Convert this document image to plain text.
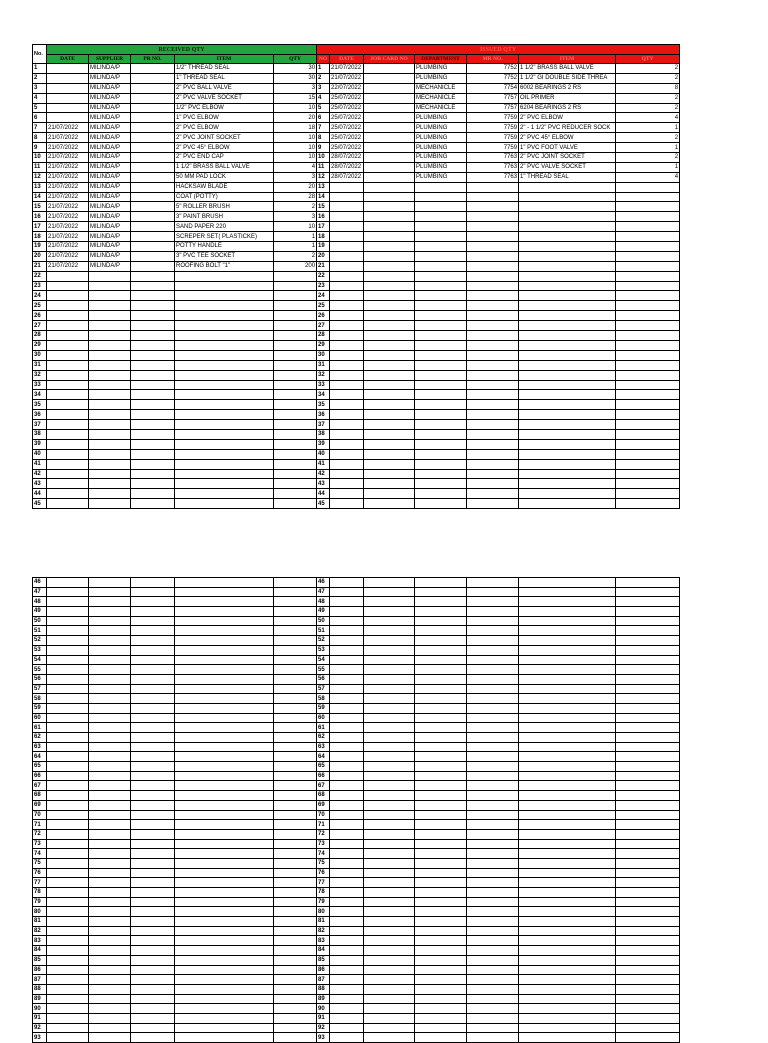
No.	RECEIVED QTY					ISSUED QTY						
	DATE	SUPPLIER	PR NO.	ITEM	QTY	NO	DATE	JOB CARD NO	DEPARTMENT	MR NO.	ITEM	QTY
1		MILINDA/P		1/2" THREAD SEAL	30	1	21/07/2022		PLUMBING	7752	1 1/2" BRASS BALL VALVE	2
2		MILINDA/P		1" THREAD SEAL	30	2	21/07/2022		PLUMBING	7752	1 1/2" GI DOUBLE SIDE THREA	2
3		MILINDA/P		2" PVC BALL VALVE	3	3	22/07/2022		MECHANICLE	7754	6002 BEARINGS 2 RS	8
4		MILINDA/P		2" PVC VALVE SOCKET	15	4	25/07/2022		MECHANICLE	7757	OIL PRIMER	2
5		MILINDA/P		1/2" PVC ELBOW	10	5	25/07/2022		MECHANICLE	7757	6204 BEARINGS 2 RS	2
6		MILINDA/P		1" PVC ELBOW	20	6	25/07/2022		PLUMBING	7759	2" PVC ELBOW	4
7	21/07/2022	MILINDA/P		2" PVC ELBOW	18	7	25/07/2022		PLUMBING	7759	2" - 1 1/2" PVC REDUCER SOCK	1
8	21/07/2022	MILINDA/P		2" PVC JOINT SOCKET	10	8	25/07/2022		PLUMBING	7759	2" PVC 45° ELBOW	2
9	21/07/2022	MILINDA/P		2" PVC 45° ELBOW	10	9	25/07/2022		PLUMBING	7759	1" PVC FOOT VALVE	1
10	21/07/2022	MILINDA/P		2" PVC END CAP	10	10	28/07/2022		PLUMBING	7763	2" PVC JOINT SOCKET	2
11	21/07/2022	MILINDA/P		1 1/2" BRASS BALL VALVE	4	11	28/07/2022		PLUMBING	7763	2" PVC VALVE SOCKET	1
12	21/07/2022	MILINDA/P		50 MM PAD LOCK	3	12	28/07/2022		PLUMBING	7763	1" THREAD SEAL	4
13	21/07/2022	MILINDA/P		HACKSAW BLADE	20	13						
14	21/07/2022	MILINDA/P		COAT (POTTY)	28	14						
15	21/07/2022	MILINDA/P		5" ROLLER BRUSH	2	15						
16	21/07/2022	MILINDA/P		3" PAINT BRUSH	3	16						
17	21/07/2022	MILINDA/P		SAND PAPER 220	10	17						
18	21/07/2022	MILINDA/P		SCREPER SET( PLASTICKE)	1	18						
19	21/07/2022	MILINDA/P		POTTY HANDLE	1	19						
20	21/07/2022	MILINDA/P		3" PVC TEE SOCKET	2	20						
21	21/07/2022	MILINDA/P		ROOFING BOLT "1"	200	21						
22						22						
23						23						
24						24						
25						25						
26						26						
27						27						
28						28						
29						29						
30						30						
31						31						
32						32						
33						33						
34						34						
35						35						
36						36						
37						37						
38						38						
39						39						
40						40						
41						41						
42						42						
43						43						
44						44						
45						45						
46						46						
47						47						
48						48						
49						49						
50						50						
51						51						
52						52						
53						53						
54						54						
55						55						
56						56						
57						57						
58						58						
59						59						
60						60						
61						61						
62						62						
63						63						
64						64						
65						65						
66						66						
67						67						
68						68						
69						69						
70						70						
71						71						
72						72						
73						73						
74						74						
75						75						
76						76						
77						77						
78						78						
79						79						
80						80						
81						81						
82						82						
83						83						
84						84						
85						85						
86						86						
87						87						
88						88						
89						89						
90						90						
91						91						
92						92						
93						93						
